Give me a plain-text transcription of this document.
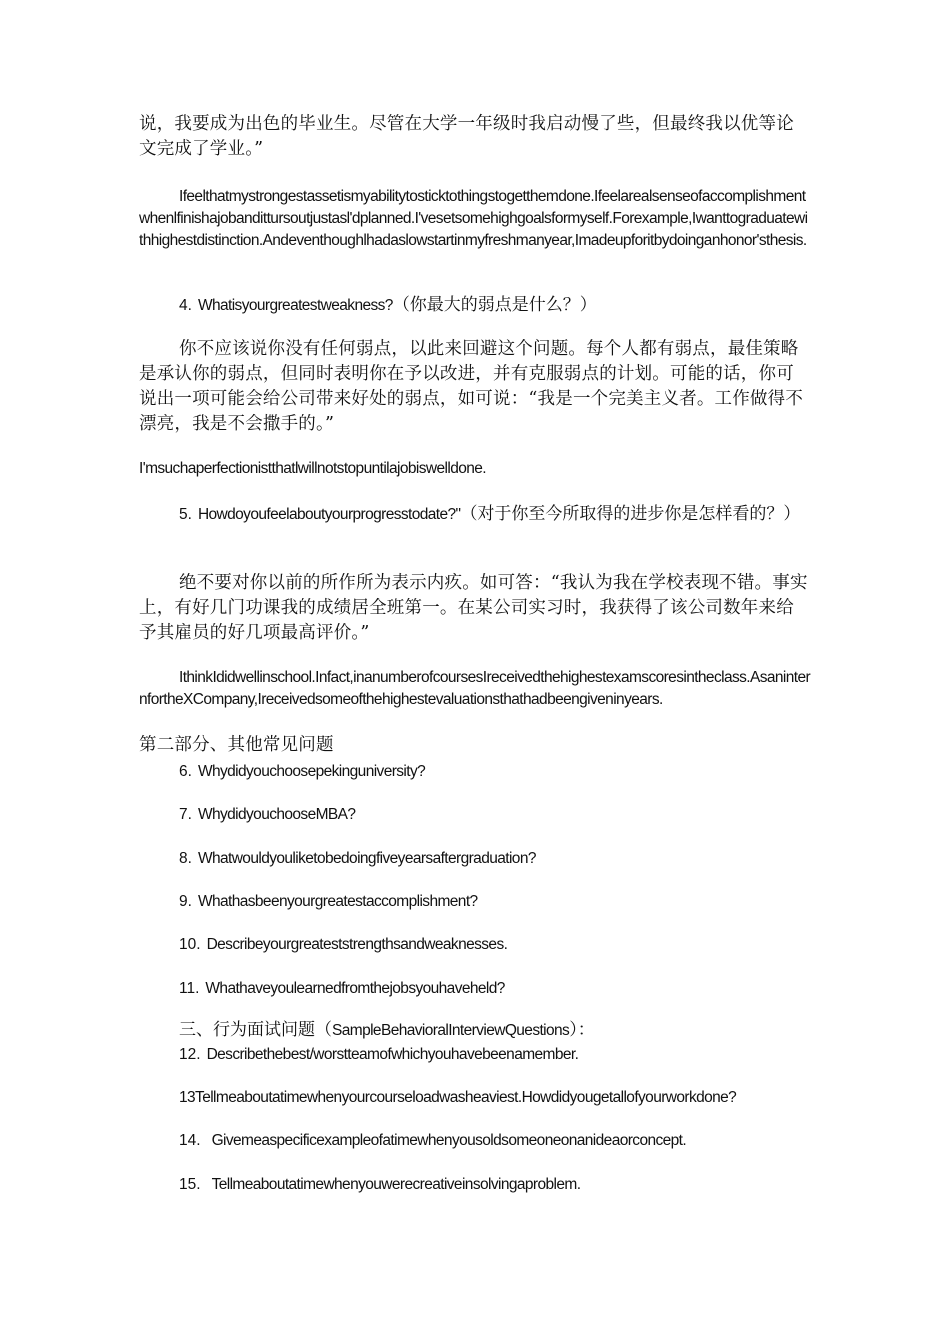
说，我要成为出色的毕业生。尽管在大学一年级时我启动慢了些，但最终我以优等论文完成了学业。”

Ifeelthatmystrongestassetismyabilitytosticktothingstogetthemdone.Ifeelarealsenseofaccomplishmentwhenlfinishajobandittursoutjustasl'dplanned.I'vesetsomehighgoalsformyself.Forexample,Iwanttograduatewithhighestdistinction.Andeventhoughlhadaslowstartinmyfreshmanyear,Imadeupforitbydoinganhonor'sthesis.

4. Whatisyourgreatestweakness?（你最大的弱点是什么？）

你不应该说你没有任何弱点，以此来回避这个问题。每个人都有弱点，最佳策略是承认你的弱点，但同时表明你在予以改进，并有克服弱点的计划。可能的话，你可说出一项可能会给公司带来好处的弱点，如可说：“我是一个完美主义者。工作做得不漂亮，我是不会撒手的。”

I'msuchaperfectionistthatlwillnotstopuntilajobiswelldone.

5. Howdoyoufeelaboutyourprogresstodate?"（对于你至今所取得的进步你是怎样看的？）

绝不要对你以前的所作所为表示内疚。如可答：“我认为我在学校表现不错。事实上，有好几门功课我的成绩居全班第一。在某公司实习时，我获得了该公司数年来给予其雇员的好几项最高评价。”

IthinkIdidwellinschool.Infact,inanumberofcoursesIreceivedthehighestexamscoresintheclass.AsaninternfortheXCompany,Ireceivedsomeofthehighestevaluationsthathadbeengiveninyears.

第二部分、其他常见问题

6. Whydidyouchoosepekinguniversity?

7. WhydidyouchooseMBA?

8. Whatwouldyouliketobedoingfiveyearsaftergraduation?

9. Whathasbeenyourgreatestaccomplishment?

10. Describeyourgreateststrengthsandweaknesses.

11. Whathaveyoulearnedfromthejobsyouhaveheld?

三、行为面试问题（SampleBehavioralInterviewQuestions）：

12. Describethebest/worstteamofwhichyouhavebeenamember.

13Tellmeaboutatimewhenyourcourseloadwasheaviest.Howdidyougetallofyourworkdone?

14. Givemeaspecificexampleofatimewhenyousoldsomeoneonanideaorconcept.

15. Tellmeaboutatimewhenyouwerecreativeinsolvingaproblem.
